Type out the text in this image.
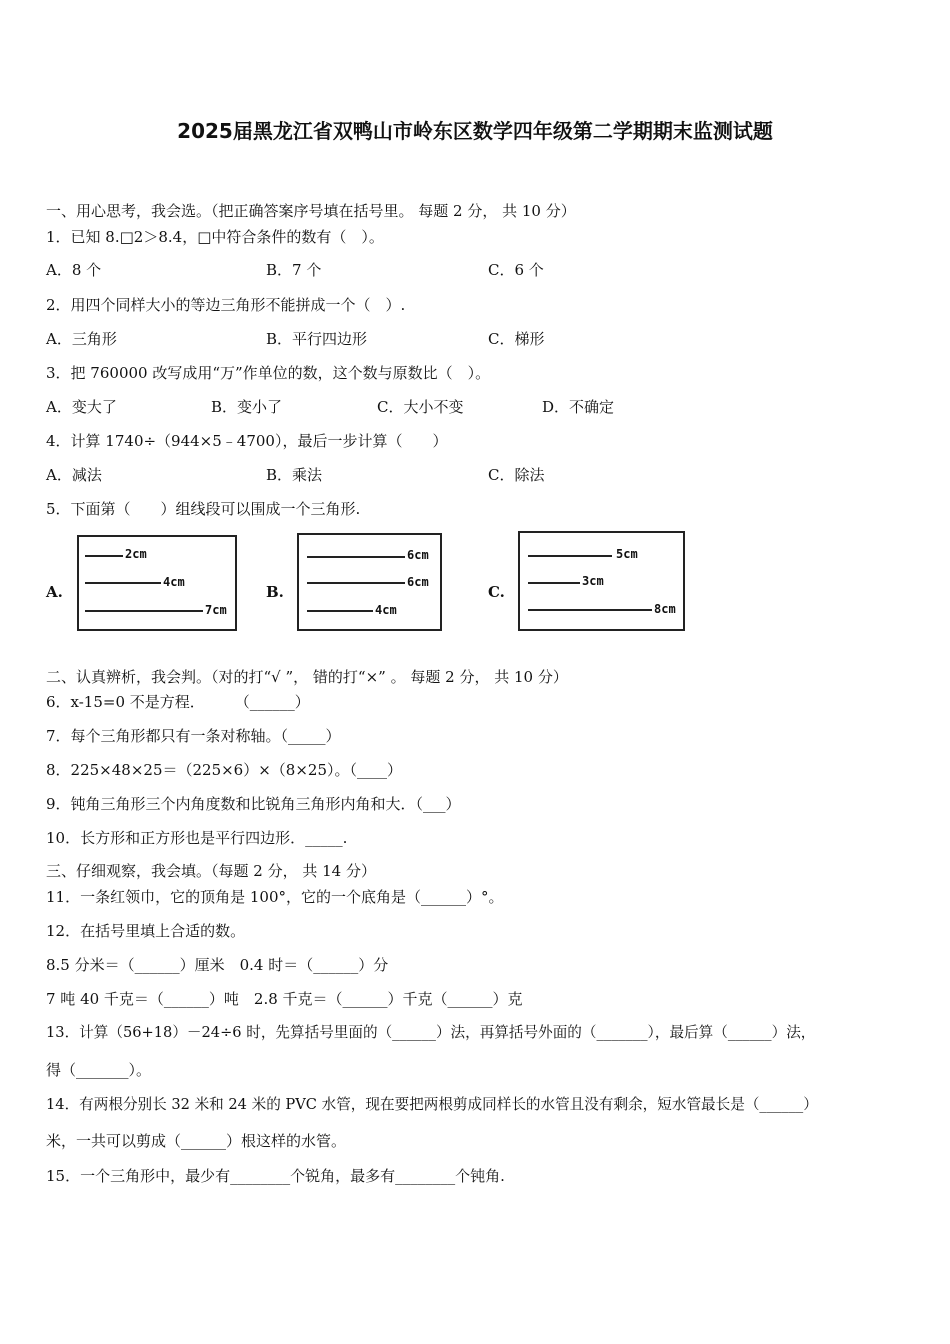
2025届黑龙江省双鸭山市岭东区数学四年级第二学期期末监测试题
一、用心思考，我会选。（把正确答案序号填在括号里。 每题 2 分， 共 10 分）
1．已知 8.□2＞8.4，□中符合条件的数有（　）。
A．8 个	B．7 个	C．6 个
2．用四个同样大小的等边三角形不能拼成一个（　）.
A．三角形	B．平行四边形	C．梯形
3．把 760000 改写成用“万”作单位的数，这个数与原数比（　）。
A．变大了	B．变小了	C．大小不变	D．不确定
4．计算 1740÷（944×5﹣4700），最后一步计算（　　）
A．减法	B．乘法	C．除法
5．下面第（　　）组线段可以围成一个三角形.
A.
2cm
4cm
7cm
B.
6cm
6cm
4cm
C.
5cm
3cm
8cm
二、认真辨析，我会判。（对的打“√ ”， 错的打“×” 。 每题 2 分， 共 10 分）
6．x-15=0 不是方程．　　　（______）
7．每个三角形都只有一条对称轴。（_____）
8．225×48×25＝（225×6）×（8×25）。（____）
9．钝角三角形三个内角度数和比锐角三角形内角和大．（___）
10．长方形和正方形也是平行四边形．_____.
三、仔细观察，我会填。（每题 2 分， 共 14 分）
11．一条红领巾，它的顶角是 100°，它的一个底角是（______）°。
12．在括号里填上合适的数。
8.5 分米＝（______）厘米　0.4 时＝（______）分
7 吨 40 千克＝（______）吨　2.8 千克＝（______）千克（______）克
13．计算（56+18）－24÷6 时，先算括号里面的（______）法，再算括号外面的（_______），最后算（______）法，
得（_______）。
14．有两根分别长 32 米和 24 米的 PVC 水管，现在要把两根剪成同样长的水管且没有剩余，短水管最长是（______）
米，一共可以剪成（______）根这样的水管。
15．一个三角形中，最少有________个锐角，最多有________个钝角.
